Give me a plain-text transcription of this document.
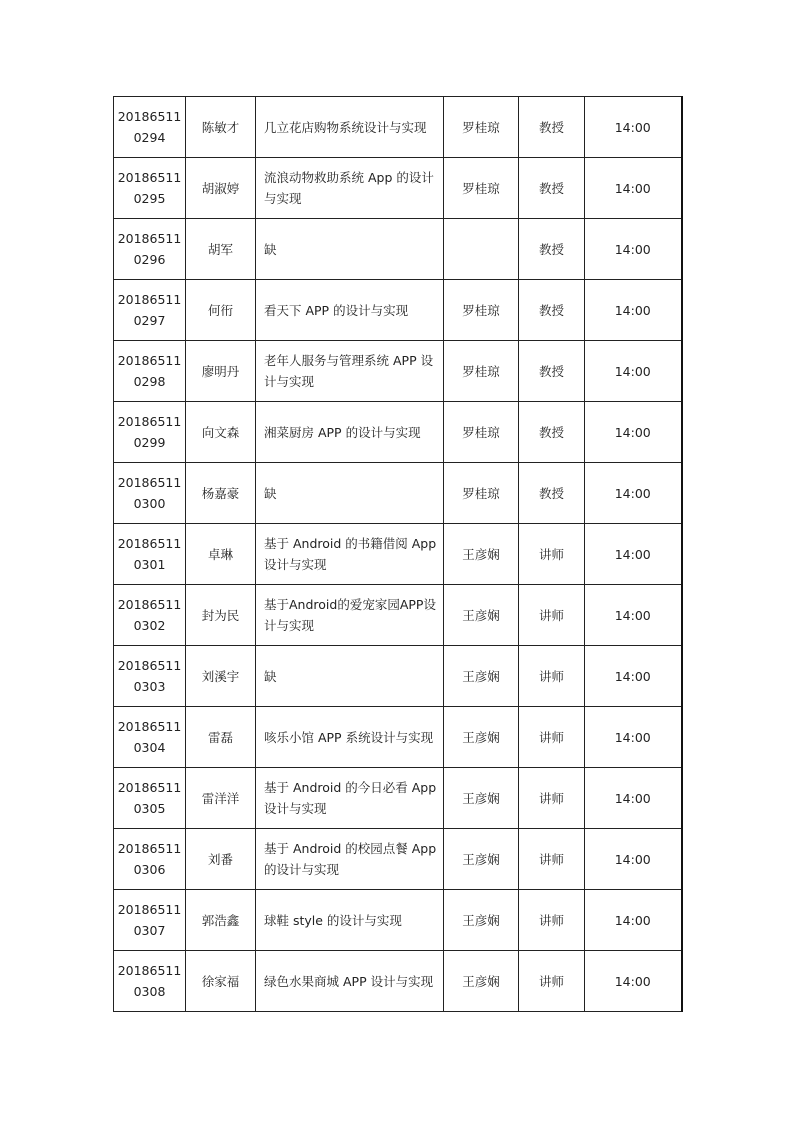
20186511
0294	陈敏才	几立花店购物系统设计与实现	罗桂琼	教授	14:00

20186511
0295	胡淑婷	流浪动物救助系统 App 的设计与实现	罗桂琼	教授	14:00

20186511
0296	胡军	缺		教授	14:00

20186511
0297	何衎	看天下 APP 的设计与实现	罗桂琼	教授	14:00

20186511
0298	廖明丹	老年人服务与管理系统 APP 设计与实现	罗桂琼	教授	14:00

20186511
0299	向文森	湘菜厨房 APP 的设计与实现	罗桂琼	教授	14:00

20186511
0300	杨嘉豪	缺	罗桂琼	教授	14:00

20186511
0301	卓琳	基于 Android 的书籍借阅 App 设计与实现	王彦娴	讲师	14:00

20186511
0302	封为民	基于Android的爱宠家园APP设计与实现	王彦娴	讲师	14:00

20186511
0303	刘溪宇	缺	王彦娴	讲师	14:00

20186511
0304	雷磊	咳乐小馆 APP 系统设计与实现	王彦娴	讲师	14:00

20186511
0305	雷洋洋	基于 Android 的今日必看 App 设计与实现	王彦娴	讲师	14:00

20186511
0306	刘番	基于 Android 的校园点餐 App 的设计与实现	王彦娴	讲师	14:00

20186511
0307	郭浩鑫	球鞋 style 的设计与实现	王彦娴	讲师	14:00

20186511
0308	徐家福	绿色水果商城 APP 设计与实现	王彦娴	讲师	14:00
